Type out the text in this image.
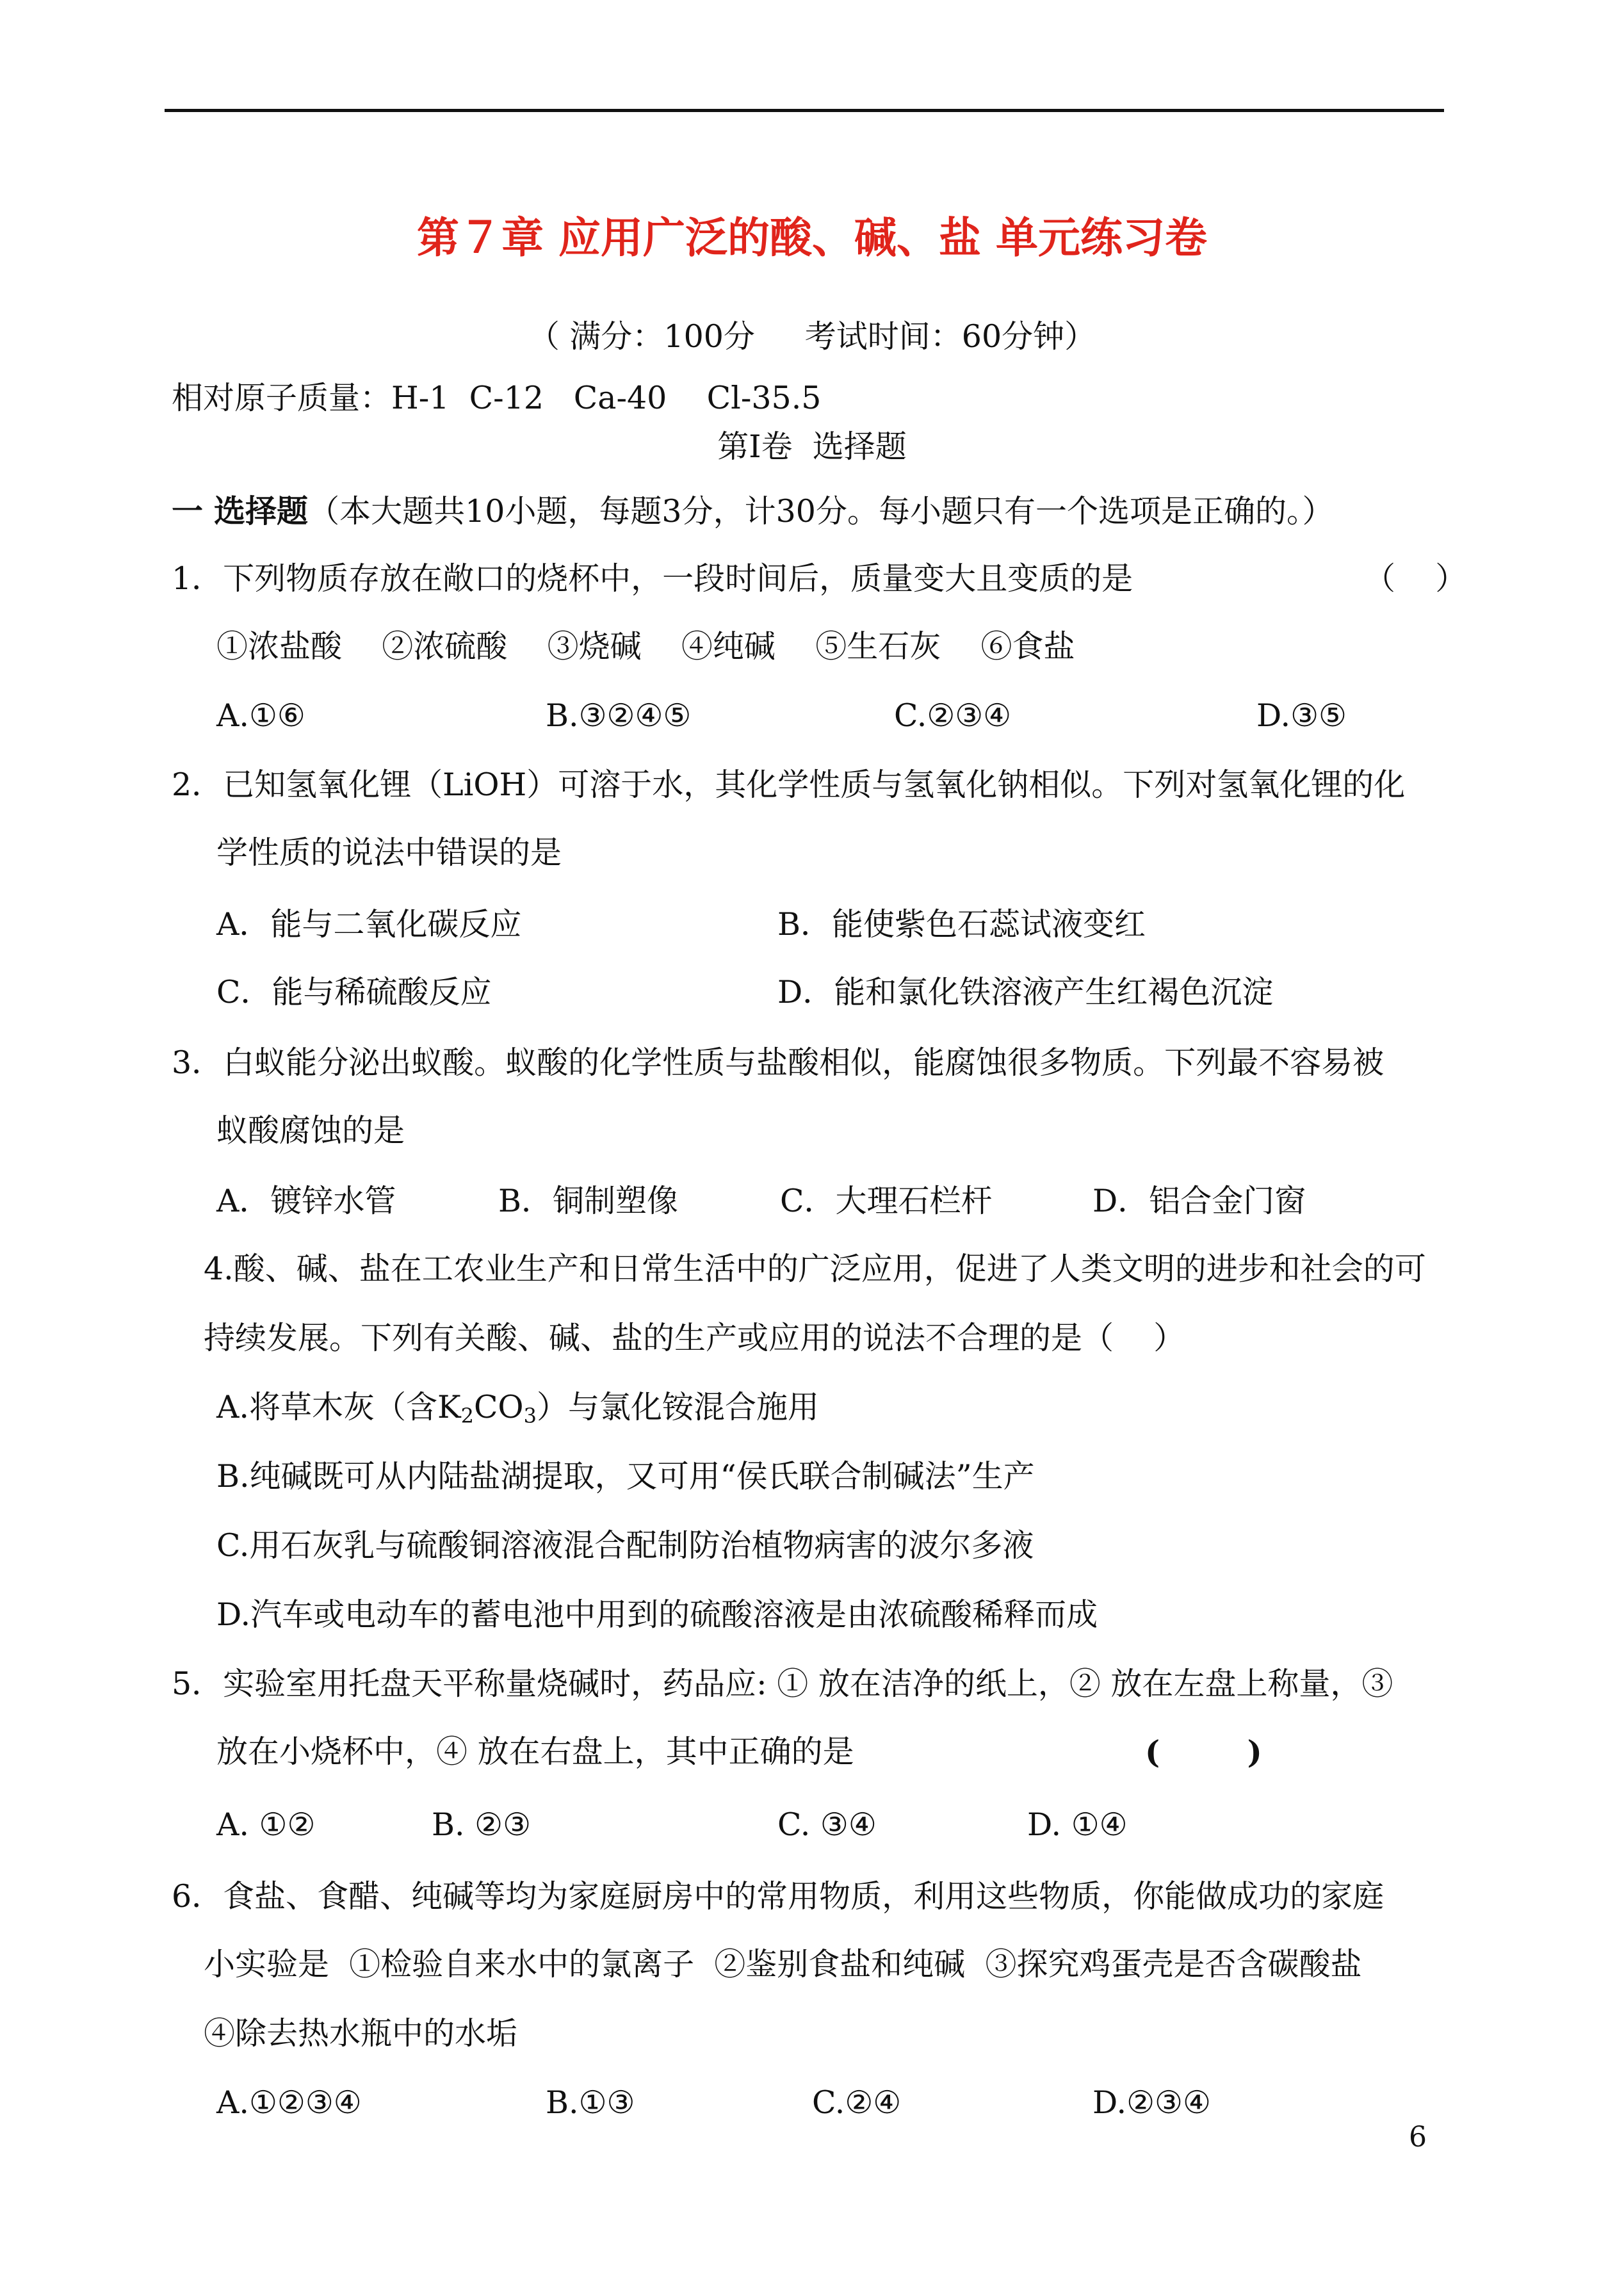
第７章 应用广泛的酸、碱、盐 单元练习卷
（ 满分：100分     考试时间：60分钟）
相对原子质量：H-1  C-12   Ca-40    Cl-35.5
第Ⅰ卷  选择题
一 选择题（本大题共10小题，每题3分，计30分。每小题只有一个选项是正确的。）
1．下列物质存放在敞口的烧杯中，一段时间后，质量变大且变质的是	（    ）
①浓盐酸    ②浓硫酸    ③烧碱    ④纯碱    ⑤生石灰    ⑥食盐
A.①⑥	B.③②④⑤	C.②③④	D.③⑤
2．已知氢氧化锂（LiOH）可溶于水，其化学性质与氢氧化钠相似。下列对氢氧化锂的化
学性质的说法中错误的是
A．能与二氧化碳反应	B．能使紫色石蕊试液变红
C．能与稀硫酸反应	D．能和氯化铁溶液产生红褐色沉淀
3．白蚁能分泌出蚁酸。蚁酸的化学性质与盐酸相似，能腐蚀很多物质。下列最不容易被
蚁酸腐蚀的是
A．镀锌水管	B．铜制塑像	C．大理石栏杆	D．铝合金门窗
4.酸、碱、盐在工农业生产和日常生活中的广泛应用，促进了人类文明的进步和社会的可
持续发展。下列有关酸、碱、盐的生产或应用的说法不合理的是（    ）
A.将草木灰（含$K_2CO_3$）与氯化铵混合施用
B.纯碱既可从内陆盐湖提取，又可用“侯氏联合制碱法”生产
C.用石灰乳与硫酸铜溶液混合配制防治植物病害的波尔多液
D.汽车或电动车的蓄电池中用到的硫酸溶液是由浓硫酸稀释而成
5．实验室用托盘天平称量烧碱时，药品应: ① 放在洁净的纸上，② 放在左盘上称量，③
放在小烧杯中，④ 放在右盘上，其中正确的是	(        )
A. ①②	B. ②③	C. ③④	D. ①④
6．食盐、食醋、纯碱等均为家庭厨房中的常用物质，利用这些物质，你能做成功的家庭
小实验是  ①检验自来水中的氯离子  ②鉴别食盐和纯碱  ③探究鸡蛋壳是否含碳酸盐
④除去热水瓶中的水垢
A.①②③④	B.①③	C.②④	D.②③④
6
